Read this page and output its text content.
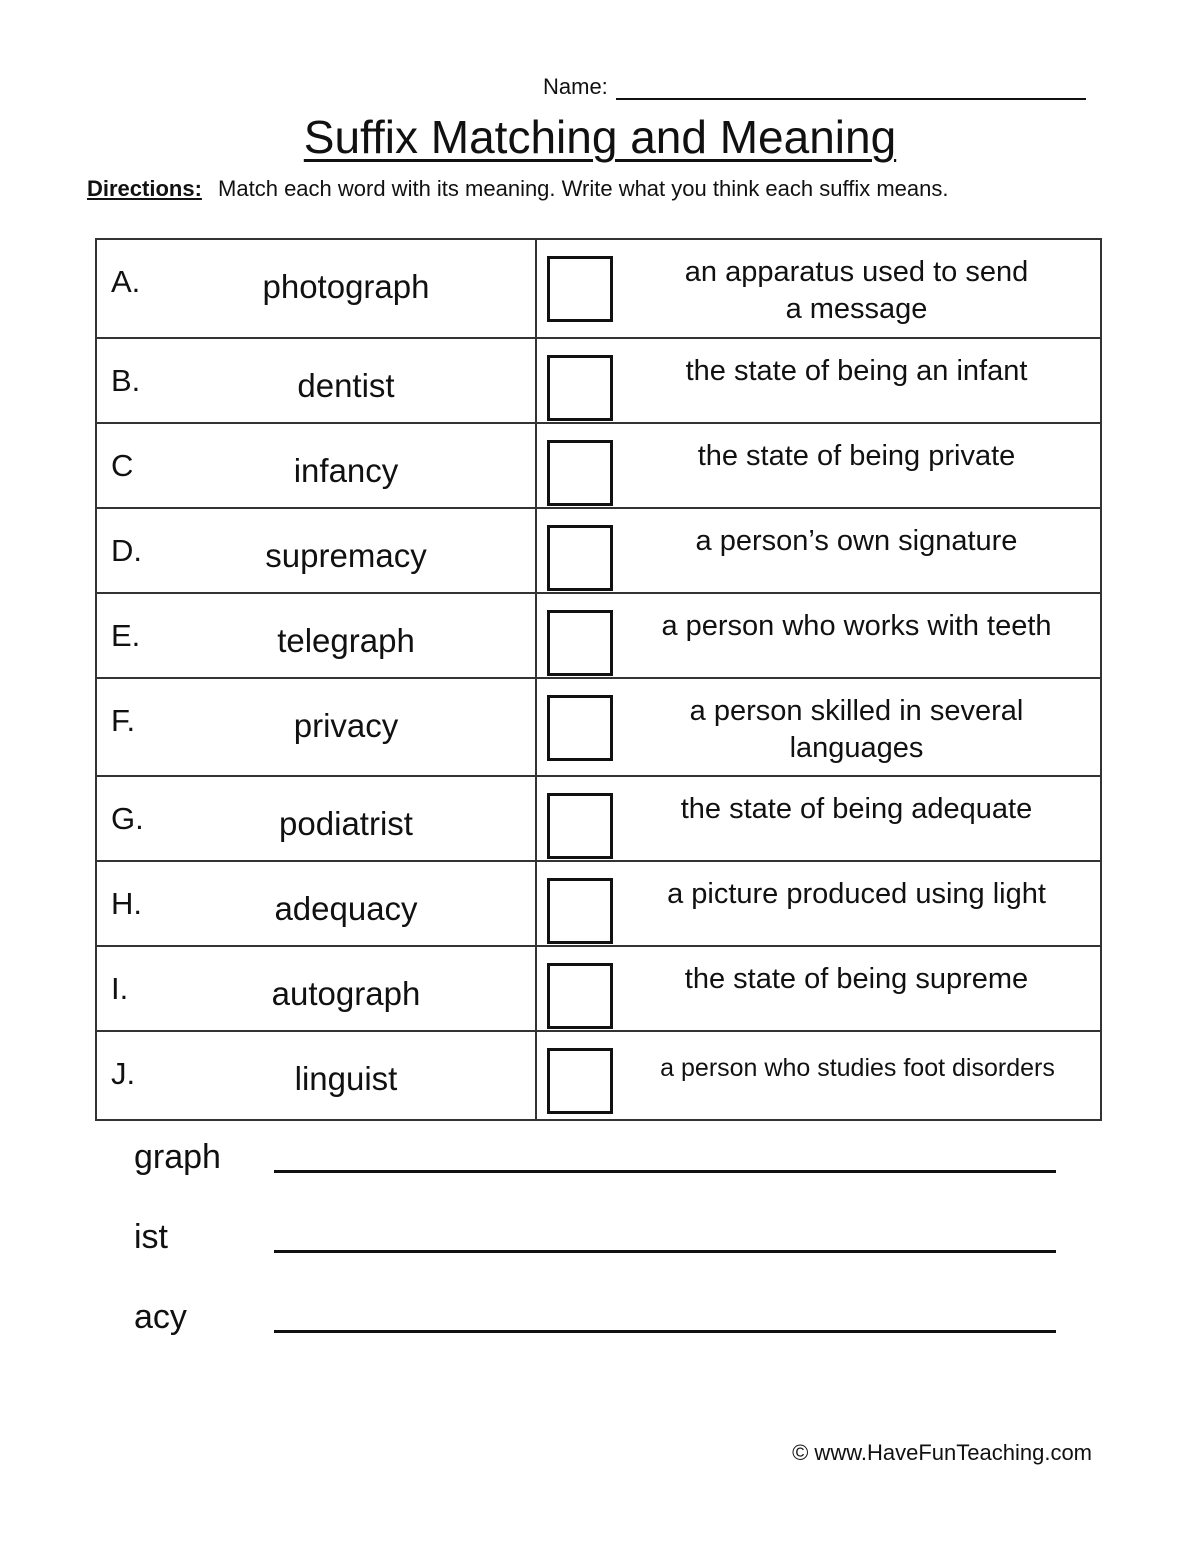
Name:
Suffix Matching and Meaning
Directions: Match each word with its meaning. Write what you think each suffix means.
A. photograph	an apparatus used to send
a message

B. dentist	the state of being an infant

C infancy	the state of being private

D. supremacy	a person’s own signature

E. telegraph	a person who works with teeth

F. privacy	a person skilled in several
languages

G. podiatrist	the state of being adequate

H. adequacy	a picture produced using light

I. autograph	the state of being supreme

J. linguist	a person who studies foot disorders
graph
ist
acy
© www.HaveFunTeaching.com
